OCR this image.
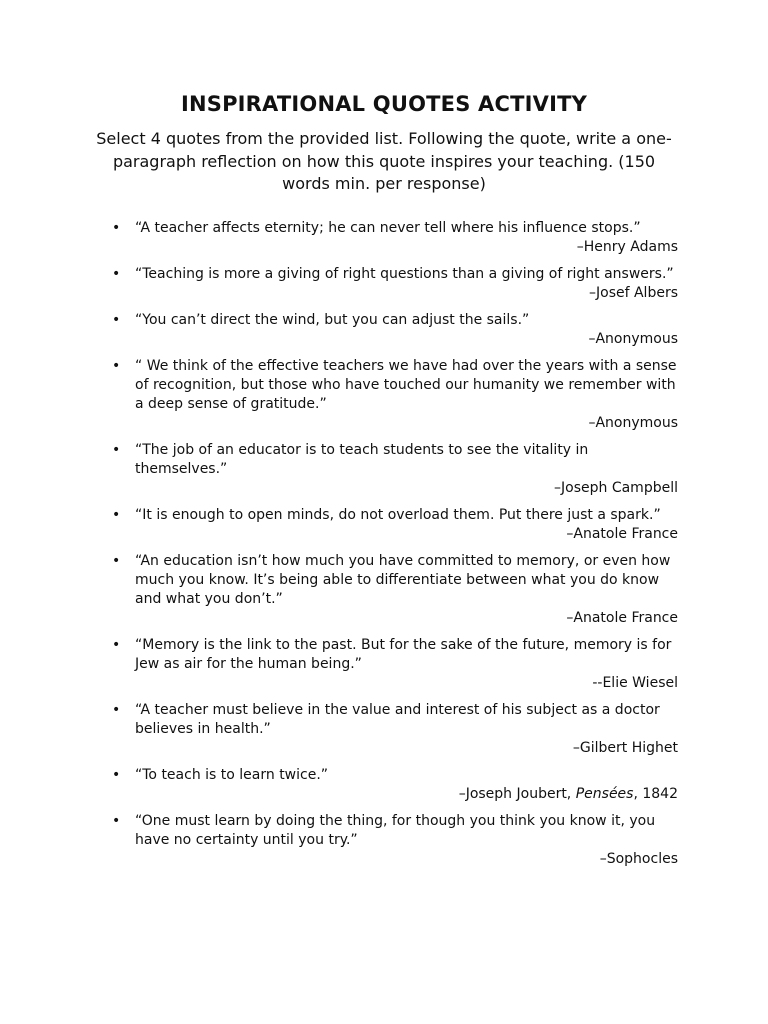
INSPIRATIONAL QUOTES ACTIVITY

Select 4 quotes from the provided list. Following the quote, write a one-paragraph reflection on how this quote inspires your teaching. (150 words min. per response)

• “A teacher affects eternity; he can never tell where his influence stops.”
–Henry Adams
• “Teaching is more a giving of right questions than a giving of right answers.”
–Josef Albers
• “You can’t direct the wind, but you can adjust the sails.”
–Anonymous
• “ We think of the effective teachers we have had over the years with a sense of recognition, but those who have touched our humanity we remember with a deep sense of gratitude.”
–Anonymous
• “The job of an educator is to teach students to see the vitality in themselves.”
–Joseph Campbell
• “It is enough to open minds, do not overload them. Put there just a spark.”
–Anatole France
• “An education isn’t how much you have committed to memory, or even how much you know. It’s being able to differentiate between what you do know and what you don’t.”
–Anatole France
• “Memory is the link to the past. But for the sake of the future, memory is for Jew as air for the human being.”
--Elie Wiesel
• “A teacher must believe in the value and interest of his subject as a doctor believes in health.”
–Gilbert Highet
• “To teach is to learn twice.”
–Joseph Joubert, Pensées, 1842
• “One must learn by doing the thing, for though you think you know it, you have no certainty until you try.”
–Sophocles
